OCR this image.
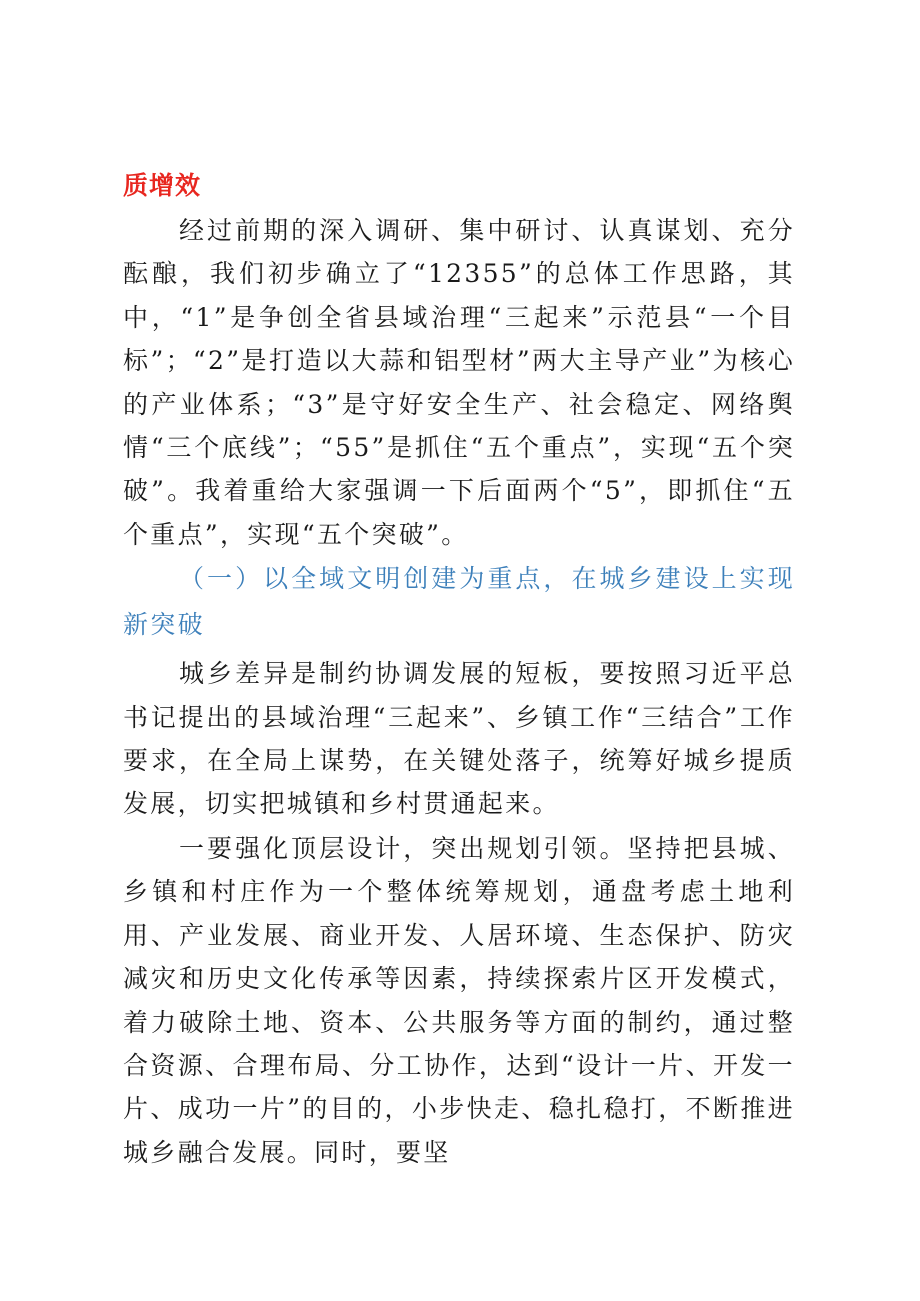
质增效

经过前期的深入调研、集中研讨、认真谋划、充分酝酿，我们初步确立了“12355”的总体工作思路，其中，“1”是争创全省县域治理“三起来”示范县“一个目标”；“2”是打造以大蒜和铝型材”两大主导产业”为核心的产业体系；“3”是守好安全生产、社会稳定、网络舆情“三个底线”；“55”是抓住“五个重点”，实现“五个突破”。我着重给大家强调一下后面两个“5”，即抓住“五个重点”，实现“五个突破”。

（一）以全域文明创建为重点，在城乡建设上实现新突破

城乡差异是制约协调发展的短板，要按照习近平总书记提出的县域治理“三起来”、乡镇工作“三结合”工作要求，在全局上谋势，在关键处落子，统筹好城乡提质发展，切实把城镇和乡村贯通起来。

一要强化顶层设计，突出规划引领。坚持把县城、乡镇和村庄作为一个整体统筹规划，通盘考虑土地利用、产业发展、商业开发、人居环境、生态保护、防灾减灾和历史文化传承等因素，持续探索片区开发模式，着力破除土地、资本、公共服务等方面的制约，通过整合资源、合理布局、分工协作，达到“设计一片、开发一片、成功一片”的目的，小步快走、稳扎稳打，不断推进城乡融合发展。同时，要坚
